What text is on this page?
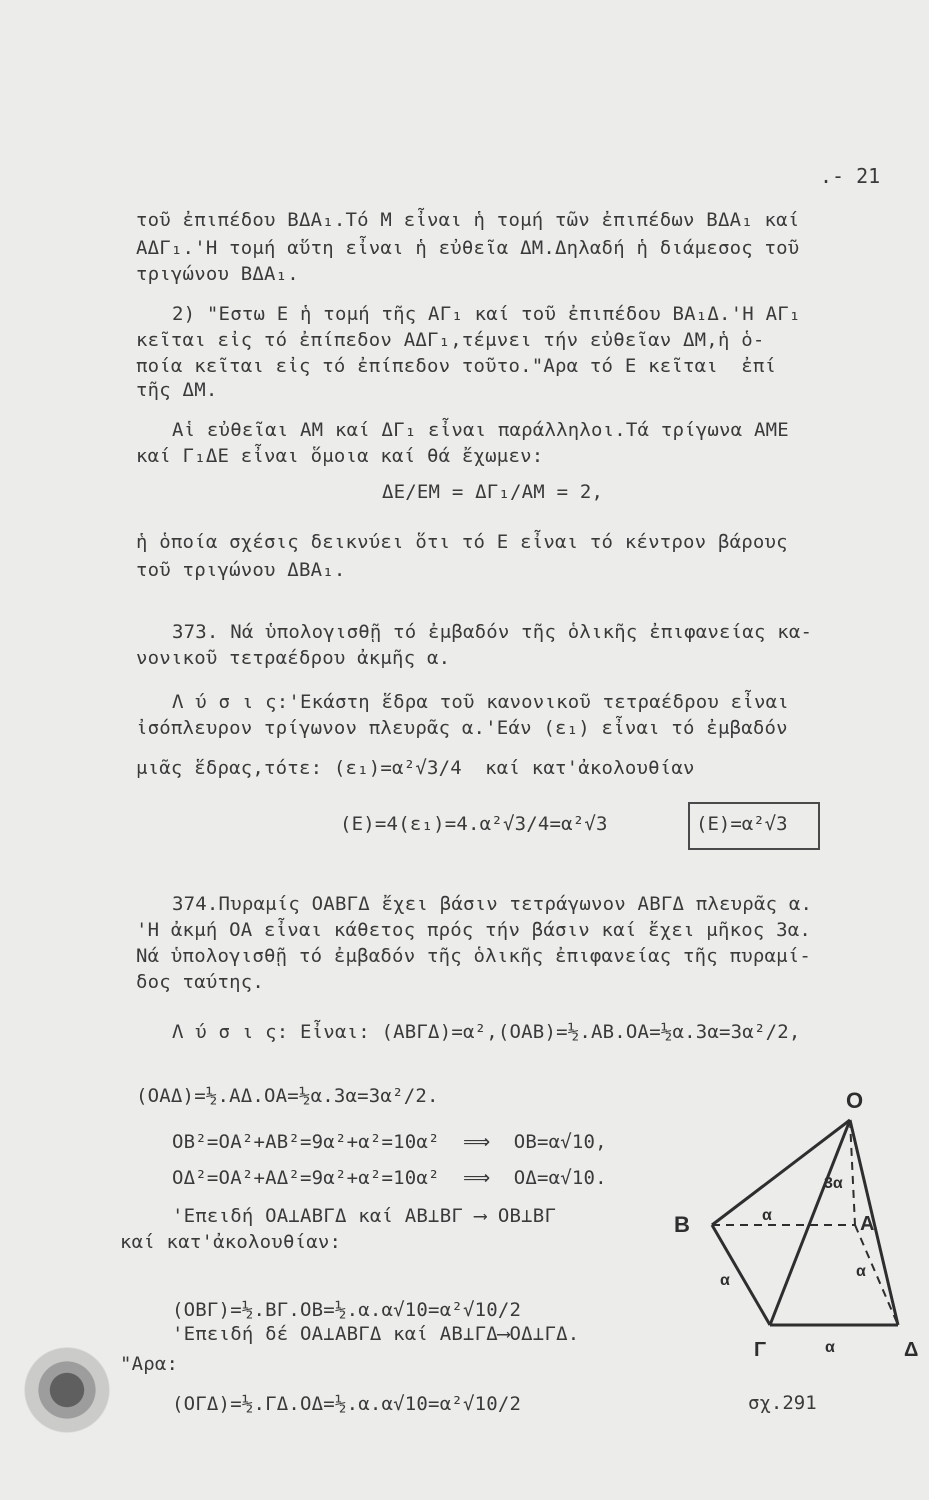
.- 21
τοῦ ἐπιπέδου ΒΔΑ₁.Τό Μ εἶναι ἡ τομή τῶν ἐπιπέδων ΒΔΑ₁ καί
ΑΔΓ₁.'Η τομή αὕτη εἶναι ἡ εὐθεῖα ΔΜ.Δηλαδή ἡ διάμεσος τοῦ
τριγώνου ΒΔΑ₁.
2) "Εστω Ε ἡ τομή τῆς ΑΓ₁ καί τοῦ ἐπιπέδου ΒΑ₁Δ.'Η ΑΓ₁
κεῖται εἰς τό ἐπίπεδον ΑΔΓ₁,τέμνει τήν εὐθεῖαν ΔΜ,ἡ ὁ-
ποία κεῖται εἰς τό ἐπίπεδον τοῦτο."Αρα τό Ε κεῖται  ἐπί
τῆς ΔΜ.
Αἱ εὐθεῖαι ΑΜ καί ΔΓ₁ εἶναι παράλληλοι.Τά τρίγωνα ΑΜΕ
καί Γ₁ΔΕ εἶναι ὅμοια καί θά ἔχωμεν:
ΔΕ/ΕΜ = ΔΓ₁/ΑΜ = 2,
ἡ ὁποία σχέσις δεικνύει ὅτι τό Ε εἶναι τό κέντρον βάρους
τοῦ τριγώνου ΔΒΑ₁.
373. Νά ὑπολογισθῇ τό ἐμβαδόν τῆς ὁλικῆς ἐπιφανείας κα-
νονικοῦ τετραέδρου ἀκμῆς α.
Λ ύ σ ι ς:'Εκάστη ἕδρα τοῦ κανονικοῦ τετραέδρου εἶναι
ἰσόπλευρον τρίγωνον πλευρᾶς α.'Εάν (ε₁) εἶναι τό ἐμβαδόν
μιᾶς ἕδρας,τότε: (ε₁)=α²√3/4  καί κατ'ἀκολουθίαν
(Ε)=4(ε₁)=4.α²√3/4=α²√3	(Ε)=α²√3
374.Πυραμίς ΟΑΒΓΔ ἔχει βάσιν τετράγωνον ΑΒΓΔ πλευρᾶς α.
'Η ἀκμή ΟΑ εἶναι κάθετος πρός τήν βάσιν καί ἔχει μῆκος 3α.
Νά ὑπολογισθῇ τό ἐμβαδόν τῆς ὁλικῆς ἐπιφανείας τῆς πυραμί-
δος ταύτης.
Λ ύ σ ι ς: Εἶναι: (ΑΒΓΔ)=α²,(ΟΑΒ)=½.ΑΒ.ΟΑ=½α.3α=3α²/2,
(ΟΑΔ)=½.ΑΔ.ΟΑ=½α.3α=3α²/2.
ΟΒ²=ΟΑ²+ΑΒ²=9α²+α²=10α²  ⟹  ΟΒ=α√10,
ΟΔ²=ΟΑ²+ΑΔ²=9α²+α²=10α²  ⟹  ΟΔ=α√10.
'Επειδή ΟΑ⊥ΑΒΓΔ καί ΑΒ⊥ΒΓ ⟶ ΟΒ⊥ΒΓ
καί κατ'ἀκολουθίαν:
(ΟΒΓ)=½.ΒΓ.ΟΒ=½.α.α√10=α²√10/2
'Επειδή δέ ΟΑ⊥ΑΒΓΔ καί ΑΒ⊥ΓΔ⟶ΟΔ⊥ΓΔ.
"Αρα:
(ΟΓΔ)=½.ΓΔ.ΟΔ=½.α.α√10=α²√10/2
Ο
Α
Β
Γ	Δ
α
α
α
α
3α
σχ.291
